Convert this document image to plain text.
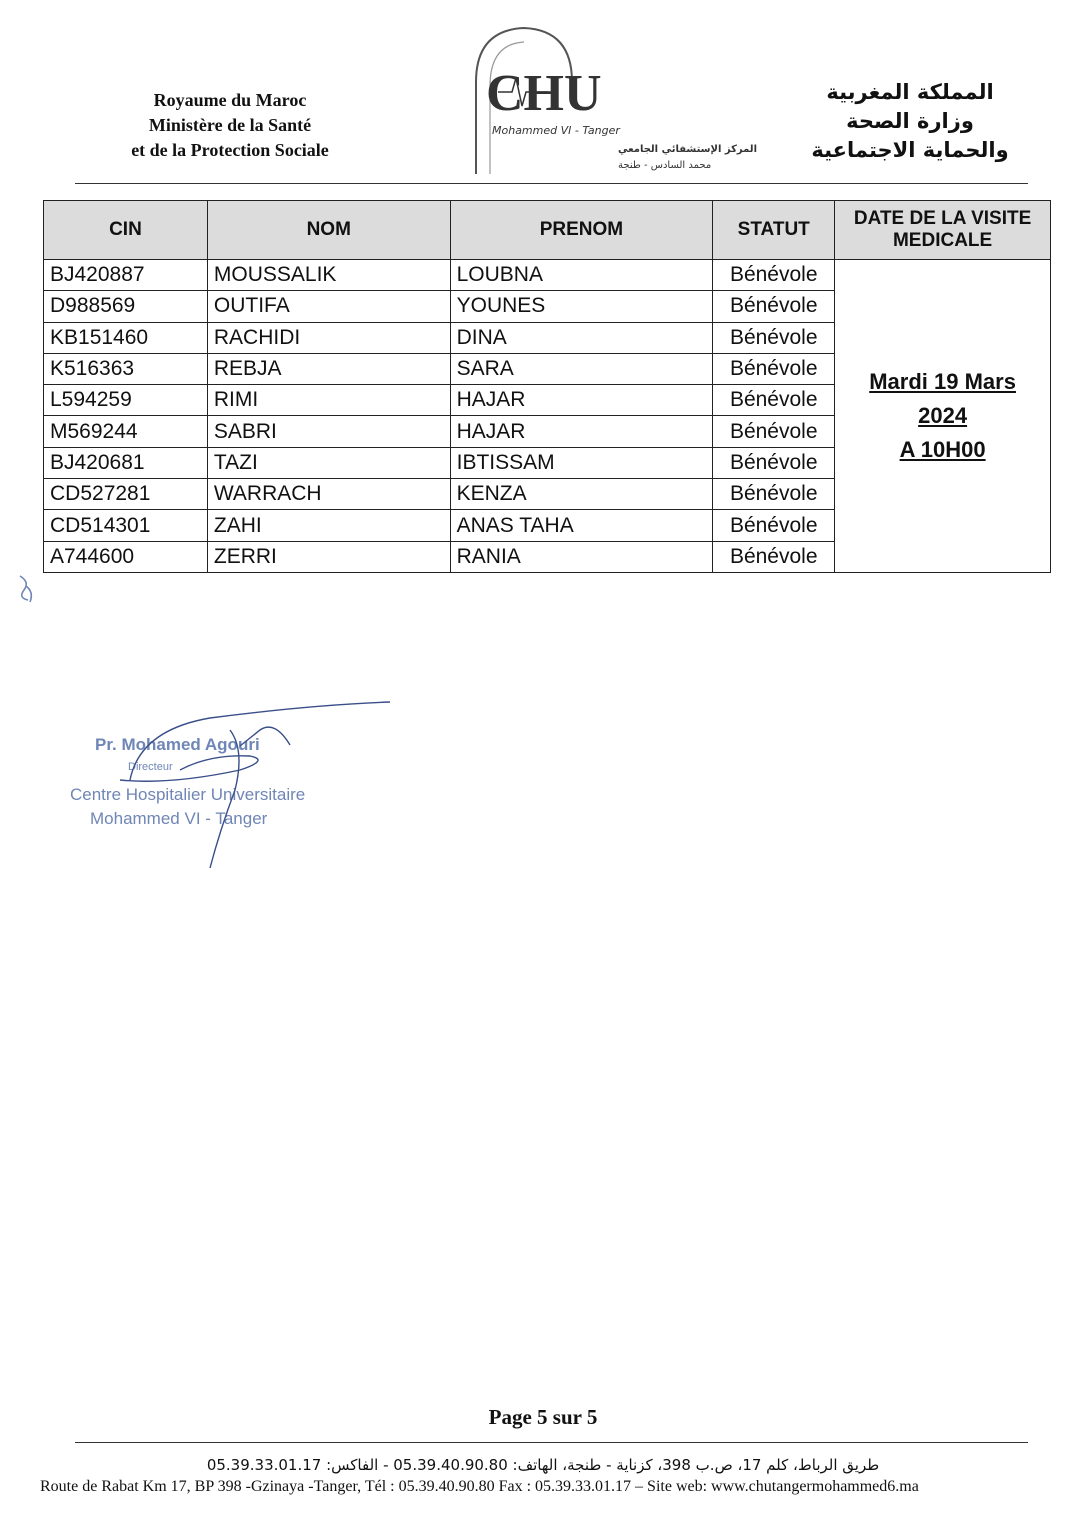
Royaume du Maroc
Ministère de la Santé
et de la Protection Sociale
CHU
Mohammed VI - Tanger
المركز الإستشفائي الجامعي
محمد السادس - طنجة
المملكة المغربية
وزارة الصحة
والحماية الاجتماعية
CIN	NOM	PRENOM	STATUT	DATE DE LA VISITE MEDICALE
BJ420887	MOUSSALIK	LOUBNA	Bénévole	Mardi 19 Mars
2024
A 10H00

D988569	OUTIFA	YOUNES	Bénévole	
KB151460	RACHIDI	DINA	Bénévole	
K516363	REBJA	SARA	Bénévole	
L594259	RIMI	HAJAR	Bénévole	
M569244	SABRI	HAJAR	Bénévole	
BJ420681	TAZI	IBTISSAM	Bénévole	
CD527281	WARRACH	KENZA	Bénévole	
CD514301	ZAHI	ANAS TAHA	Bénévole	
A744600	ZERRI	RANIA	Bénévole	
Pr. Mohamed Agouri
Directeur
Centre Hospitalier Universitaire
Mohammed VI - Tanger
Page 5 sur 5
طريق الرباط، كلم 17، ص.ب 398، كزناية - طنجة، الهاتف: 05.39.40.90.80 - الفاكس: 05.39.33.01.17
Route de Rabat Km 17, BP 398 -Gzinaya -Tanger, Tél : 05.39.40.90.80 Fax : 05.39.33.01.17 – Site web: www.chutangermohammed6.ma
